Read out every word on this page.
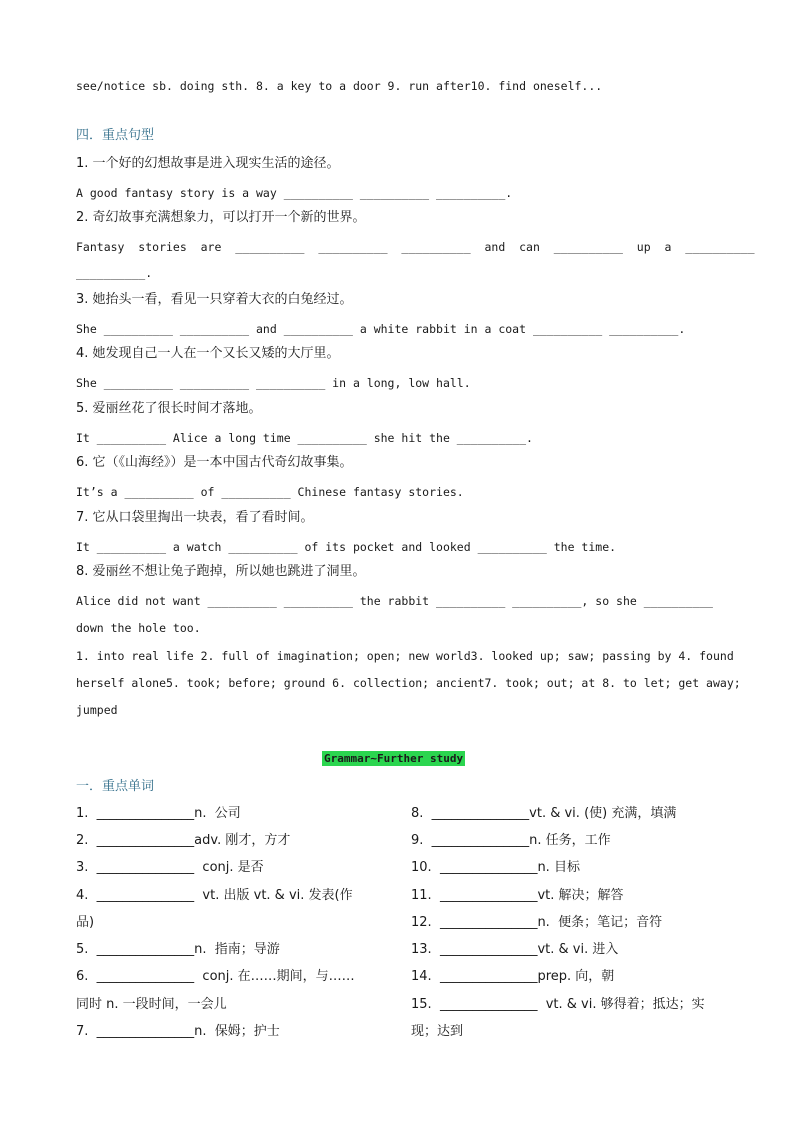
see/notice sb. doing sth. 8. a key to a door 9. run after10. find oneself...
四．重点句型
1. 一个好的幻想故事是进入现实生活的途径。
A good fantasy story is a way __________ __________ __________.
2. 奇幻故事充满想象力，可以打开一个新的世界。
Fantasy  stories  are  __________  __________  __________  and  can  __________  up  a  __________
__________.
3. 她抬头一看，看见一只穿着大衣的白兔经过。
She __________ __________ and __________ a white rabbit in a coat __________ __________.
4. 她发现自己一人在一个又长又矮的大厅里。
She __________ __________ __________ in a long, low hall.
5. 爱丽丝花了很长时间才落地。
It __________ Alice a long time __________ she hit the __________.
6. 它（《山海经》）是一本中国古代奇幻故事集。
It’s a __________ of __________ Chinese fantasy stories.
7. 它从口袋里掏出一块表，看了看时间。
It __________ a watch __________ of its pocket and looked __________ the time.
8. 爱丽丝不想让兔子跑掉，所以她也跳进了洞里。
Alice did not want __________ __________ the rabbit __________ __________, so she __________
down the hole too.
1. into real life 2. full of imagination; open; new world3. looked up; saw; passing by 4. found
herself alone5. took; before; ground 6. collection; ancient7. took; out; at 8. to let; get away;
jumped
Grammar~Further study
一．重点单词
1.  _______________n.  公司
2.  _______________adv. 刚才，方才
3.  _______________  conj. 是否
4.  _______________  vt. 出版 vt. & vi. 发表(作
品)
5.  _______________n.  指南；导游
6.  _______________  conj. 在……期间，与……
同时 n. 一段时间，一会儿
7.  _______________n.  保姆；护士
8.  _______________vt. & vi. (使) 充满，填满
9.  _______________n. 任务，工作
10.  _______________n. 目标
11.  _______________vt. 解决；解答
12.  _______________n.  便条；笔记；音符
13.  _______________vt. & vi. 进入
14.  _______________prep. 向，朝
15.  _______________  vt. & vi. 够得着；抵达；实
现；达到
